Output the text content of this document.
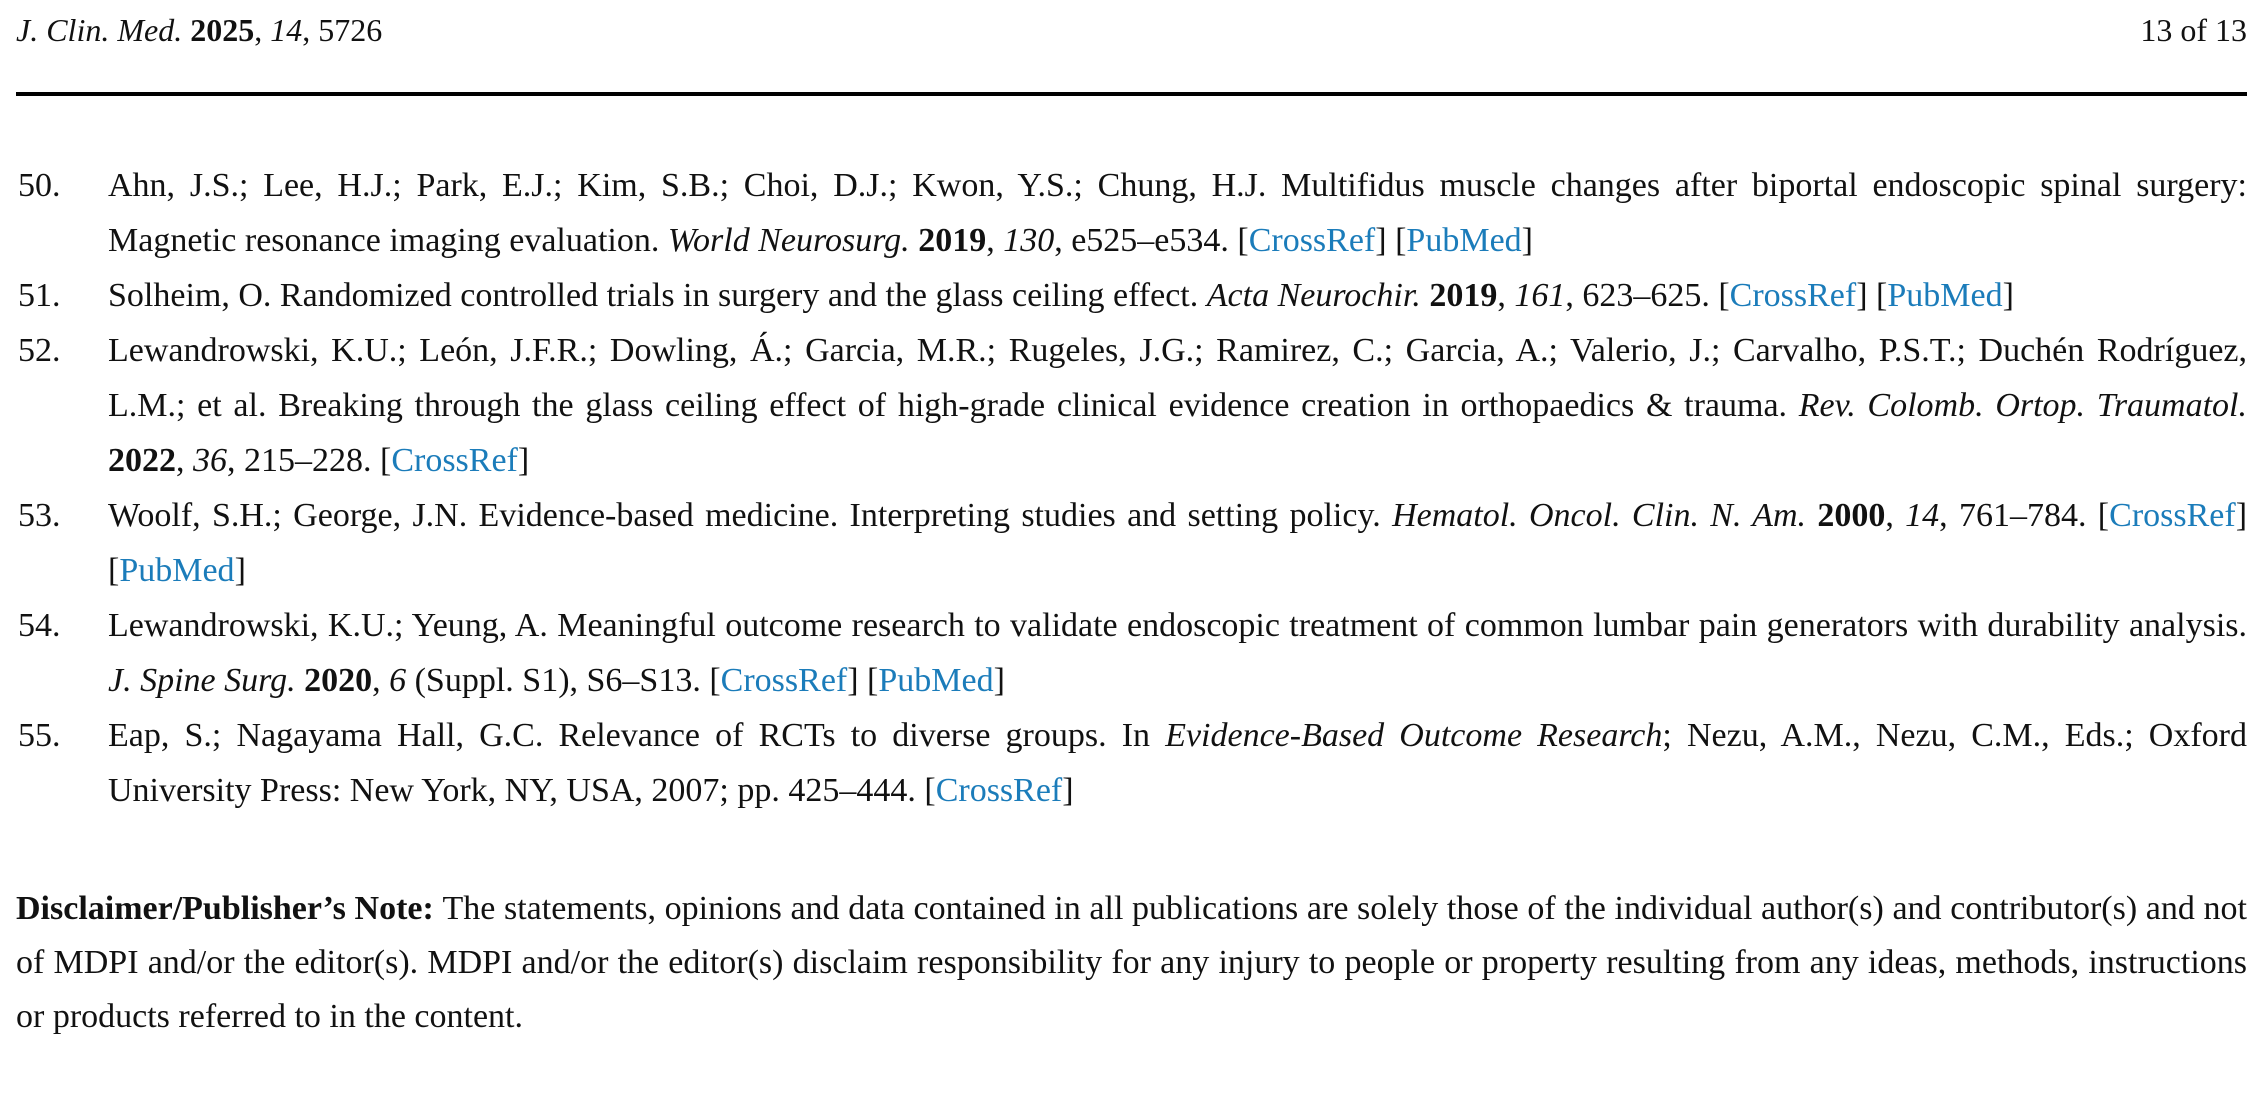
J. Clin. Med. 2025, 14, 5726	13 of 13
50.	Ahn, J.S.; Lee, H.J.; Park, E.J.; Kim, S.B.; Choi, D.J.; Kwon, Y.S.; Chung, H.J. Multifidus muscle changes after biportal endoscopic spinal surgery: Magnetic resonance imaging evaluation. World Neurosurg. 2019, 130, e525–e534. [CrossRef] [PubMed]
51.	Solheim, O. Randomized controlled trials in surgery and the glass ceiling effect. Acta Neurochir. 2019, 161, 623–625. [CrossRef] [PubMed]
52.	Lewandrowski, K.U.; León, J.F.R.; Dowling, Á.; Garcia, M.R.; Rugeles, J.G.; Ramirez, C.; Garcia, A.; Valerio, J.; Carvalho, P.S.T.; Duchén Rodríguez, L.M.; et al. Breaking through the glass ceiling effect of high-grade clinical evidence creation in orthopaedics & trauma. Rev. Colomb. Ortop. Traumatol. 2022, 36, 215–228. [CrossRef]
53.	Woolf, S.H.; George, J.N. Evidence-based medicine. Interpreting studies and setting policy. Hematol. Oncol. Clin. N. Am. 2000, 14, 761–784. [CrossRef] [PubMed]
54.	Lewandrowski, K.U.; Yeung, A. Meaningful outcome research to validate endoscopic treatment of common lumbar pain generators with durability analysis. J. Spine Surg. 2020, 6 (Suppl. S1), S6–S13. [CrossRef] [PubMed]
55.	Eap, S.; Nagayama Hall, G.C. Relevance of RCTs to diverse groups. In Evidence-Based Outcome Research; Nezu, A.M., Nezu, C.M., Eds.; Oxford University Press: New York, NY, USA, 2007; pp. 425–444. [CrossRef]
Disclaimer/Publisher’s Note: The statements, opinions and data contained in all publications are solely those of the individual author(s) and contributor(s) and not of MDPI and/or the editor(s). MDPI and/or the editor(s) disclaim responsibility for any injury to people or property resulting from any ideas, methods, instructions or products referred to in the content.
